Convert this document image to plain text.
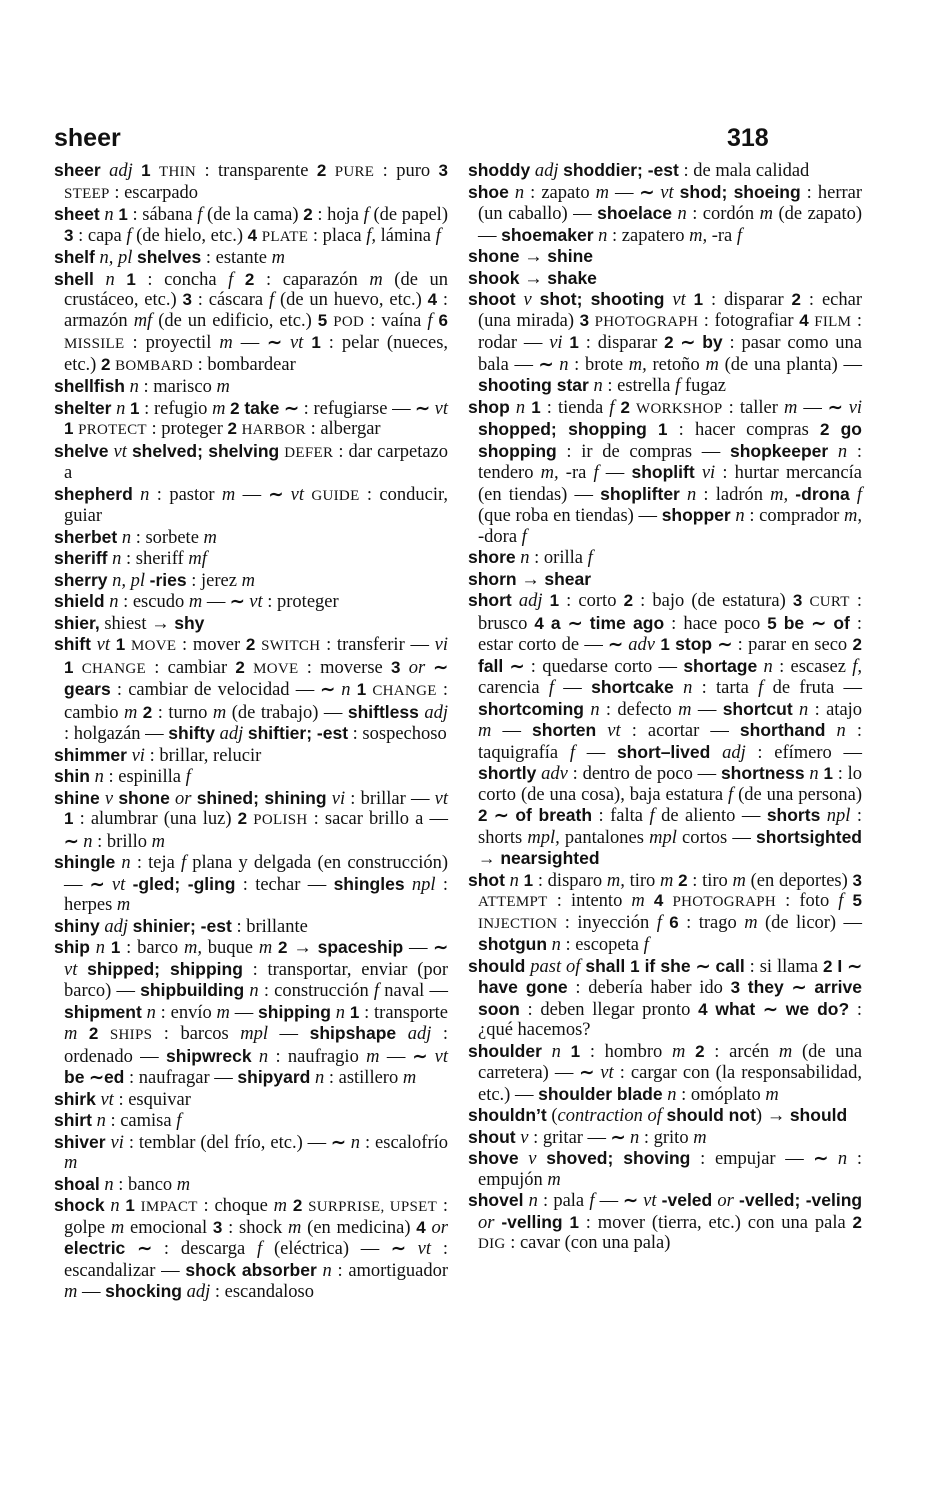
sheer	318

sheer adj 1 THIN : transparente 2 PURE : puro 3 STEEP : escarpado

sheet n 1 : sábana f (de la cama) 2 : hoja f (de papel) 3 : capa f (de hielo, etc.) 4 PLATE : placa f, lámina f

shelf n, pl shelves : estante m

shell n 1 : concha f 2 : caparazón m (de un crustáceo, etc.) 3 : cáscara f (de un huevo, etc.) 4 : armazón mf (de un edificio, etc.) 5 POD : vaína f 6 MISSILE : proyectil m — ∼ vt 1 : pelar (nueces, etc.) 2 BOMBARD : bombardear

shellfish n : marisco m

shelter n 1 : refugio m 2 take ∼ : refugiarse — ∼ vt 1 PROTECT : proteger 2 HARBOR : albergar

shelve vt shelved; shelving DEFER : dar carpetazo a

shepherd n : pastor m — ∼ vt GUIDE : conducir, guiar

sherbet n : sorbete m

sheriff n : sheriff mf

sherry n, pl -ries : jerez m

shield n : escudo m — ∼ vt : proteger

shier, shiest → shy

shift vt 1 MOVE : mover 2 SWITCH : transferir — vi 1 CHANGE : cambiar 2 MOVE : moverse 3 or ∼ gears : cambiar de velocidad — ∼ n 1 CHANGE : cambio m 2 : turno m (de trabajo) — shiftless adj : holgazán — shifty adj shiftier; -est : sospechoso

shimmer vi : brillar, relucir

shin n : espinilla f

shine v shone or shined; shining vi : brillar — vt 1 : alumbrar (una luz) 2 POLISH : sacar brillo a — ∼ n : brillo m

shingle n : teja f plana y delgada (en construcción) — ∼ vt -gled; -gling : techar — shingles npl : herpes m

shiny adj shinier; -est : brillante

ship n 1 : barco m, buque m 2 → spaceship — ∼ vt shipped; shipping : transportar, enviar (por barco) — shipbuilding n : construcción f naval — shipment n : envío m — shipping n 1 : transporte m 2 SHIPS : barcos mpl — shipshape adj : ordenado — shipwreck n : naufragio m — ∼ vt be ∼ed : naufragar — shipyard n : astillero m

shirk vt : esquivar

shirt n : camisa f

shiver vi : temblar (del frío, etc.) — ∼ n : escalofrío m

shoal n : banco m

shock n 1 IMPACT : choque m 2 SURPRISE, UPSET : golpe m emocional 3 : shock m (en medicina) 4 or electric ∼ : descarga f (eléctrica) — ∼ vt : escandalizar — shock absorber n : amortiguador m — shocking adj : escandaloso

shoddy adj shoddier; -est : de mala calidad

shoe n : zapato m — ∼ vt shod; shoeing : herrar (un caballo) — shoelace n : cordón m (de zapato) — shoemaker n : zapatero m, -ra f

shone → shine

shook → shake

shoot v shot; shooting vt 1 : disparar 2 : echar (una mirada) 3 PHOTOGRAPH : fotografiar 4 FILM : rodar — vi 1 : disparar 2 ∼ by : pasar como una bala — ∼ n : brote m, retoño m (de una planta) — shooting star n : estrella f fugaz

shop n 1 : tienda f 2 WORKSHOP : taller m — ∼ vi shopped; shopping 1 : hacer compras 2 go shopping : ir de compras — shopkeeper n : tendero m, -ra f — shoplift vi : hurtar mercancía (en tiendas) — shoplifter n : ladrón m, -drona f (que roba en tiendas) — shopper n : comprador m, -dora f

shore n : orilla f

shorn → shear

short adj 1 : corto 2 : bajo (de estatura) 3 CURT : brusco 4 a ∼ time ago : hace poco 5 be ∼ of : estar corto de — ∼ adv 1 stop ∼ : parar en seco 2 fall ∼ : quedarse corto — shortage n : escasez f, carencia f — shortcake n : tarta f de fruta — shortcoming n : defecto m — shortcut n : atajo m — shorten vt : acortar — shorthand n : taquigrafía f — short–lived adj : efímero — shortly adv : dentro de poco — shortness n 1 : lo corto (de una cosa), baja estatura f (de una persona) 2 ∼ of breath : falta f de aliento — shorts npl : shorts mpl, pantalones mpl cortos — shortsighted → nearsighted

shot n 1 : disparo m, tiro m 2 : tiro m (en deportes) 3 ATTEMPT : intento m 4 PHOTOGRAPH : foto f 5 INJECTION : inyección f 6 : trago m (de licor) — shotgun n : escopeta f

should past of shall 1 if she ∼ call : si llama 2 I ∼ have gone : debería haber ido 3 they ∼ arrive soon : deben llegar pronto 4 what ∼ we do? : ¿qué hacemos?

shoulder n 1 : hombro m 2 : arcén m (de una carretera) — ∼ vt : cargar con (la responsabilidad, etc.) — shoulder blade n : omóplato m

shouldn’t (contraction of should not) → should

shout v : gritar — ∼ n : grito m

shove v shoved; shoving : empujar — ∼ n : empujón m

shovel n : pala f — ∼ vt -veled or -velled; -veling or -velling 1 : mover (tierra, etc.) con una pala 2 DIG : cavar (con una pala)
